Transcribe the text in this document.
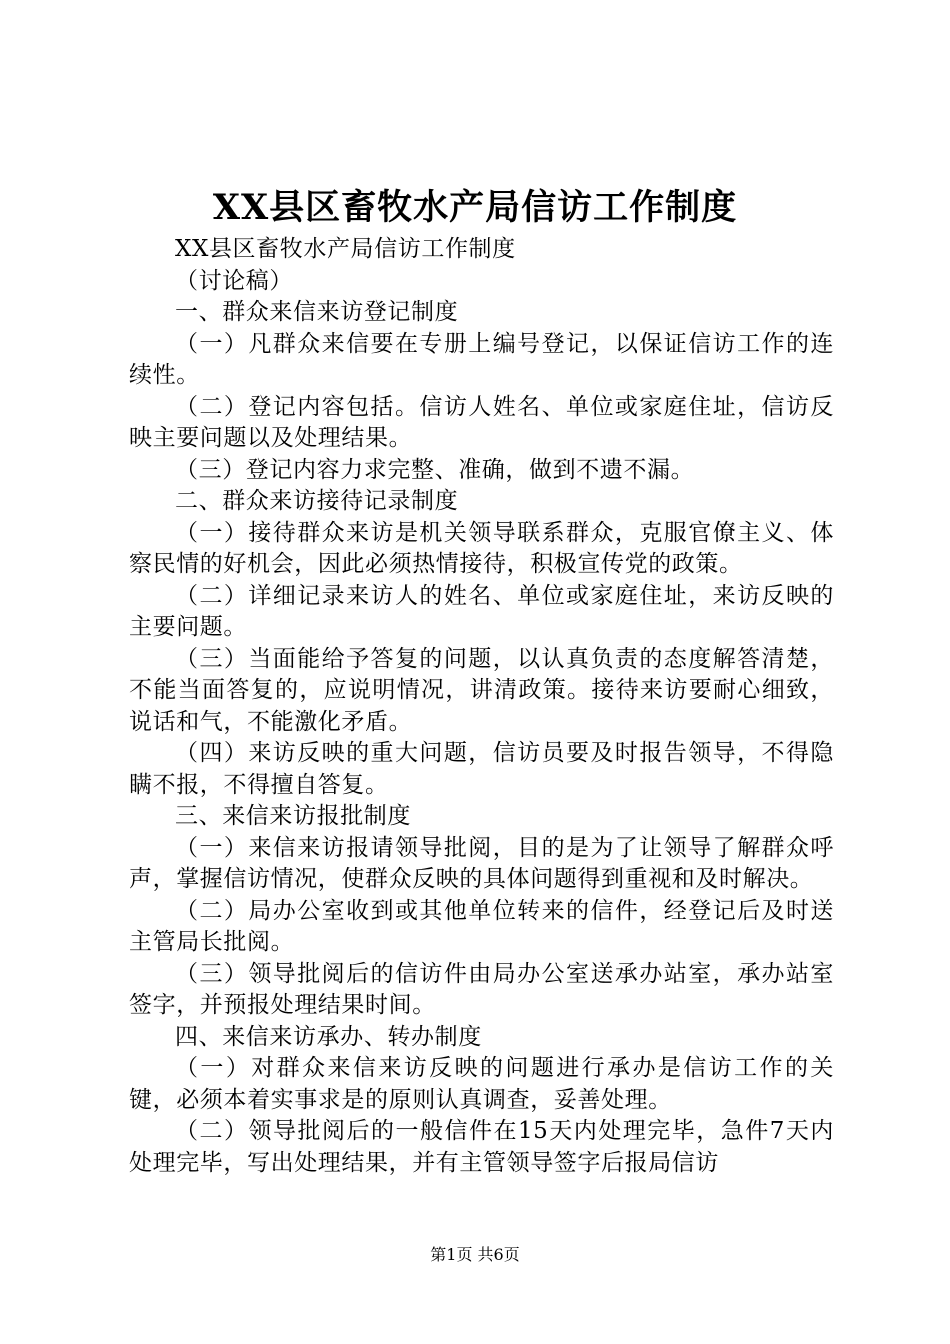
XX县区畜牧水产局信访工作制度

XX县区畜牧水产局信访工作制度

（讨论稿）

一、群众来信来访登记制度

（一）凡群众来信要在专册上编号登记，以保证信访工作的连续性。

（二）登记内容包括。信访人姓名、单位或家庭住址，信访反映主要问题以及处理结果。

（三）登记内容力求完整、准确，做到不遗不漏。

二、群众来访接待记录制度

（一）接待群众来访是机关领导联系群众，克服官僚主义、体察民情的好机会，因此必须热情接待，积极宣传党的政策。

（二）详细记录来访人的姓名、单位或家庭住址，来访反映的主要问题。

（三）当面能给予答复的问题，以认真负责的态度解答清楚，不能当面答复的，应说明情况，讲清政策。接待来访要耐心细致，说话和气，不能激化矛盾。

（四）来访反映的重大问题，信访员要及时报告领导，不得隐瞒不报，不得擅自答复。

三、来信来访报批制度

（一）来信来访报请领导批阅，目的是为了让领导了解群众呼声，掌握信访情况，使群众反映的具体问题得到重视和及时解决。

（二）局办公室收到或其他单位转来的信件，经登记后及时送主管局长批阅。

（三）领导批阅后的信访件由局办公室送承办站室，承办站室签字，并预报处理结果时间。

四、来信来访承办、转办制度

（一）对群众来信来访反映的问题进行承办是信访工作的关键，必须本着实事求是的原则认真调查，妥善处理。

（二）领导批阅后的一般信件在15天内处理完毕，急件7天内处理完毕，写出处理结果，并有主管领导签字后报局信访

第1页 共6页
